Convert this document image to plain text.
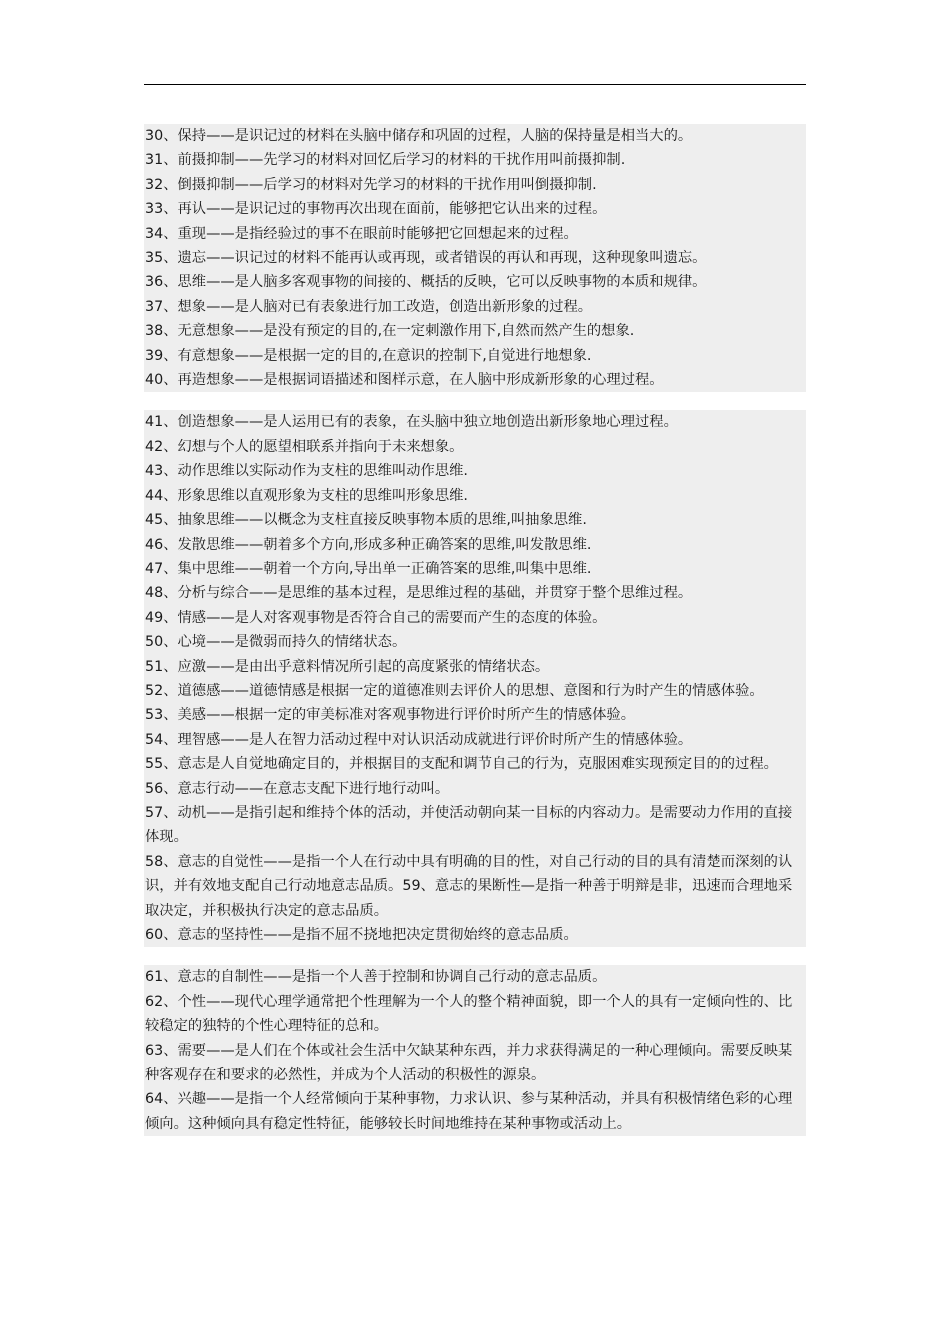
30、保持——是识记过的材料在头脑中储存和巩固的过程，人脑的保持量是相当大的。

31、前摄抑制——先学习的材料对回忆后学习的材料的干扰作用叫前摄抑制.

32、倒摄抑制——后学习的材料对先学习的材料的干扰作用叫倒摄抑制.

33、再认——是识记过的事物再次出现在面前，能够把它认出来的过程。

34、重现——是指经验过的事不在眼前时能够把它回想起来的过程。

35、遗忘——识记过的材料不能再认或再现，或者错误的再认和再现，这种现象叫遗忘。

36、思维——是人脑多客观事物的间接的、概括的反映，它可以反映事物的本质和规律。

37、想象——是人脑对已有表象进行加工改造，创造出新形象的过程。

38、无意想象——是没有预定的目的,在一定刺激作用下,自然而然产生的想象.

39、有意想象——是根据一定的目的,在意识的控制下,自觉进行地想象.

40、再造想象——是根据词语描述和图样示意，在人脑中形成新形象的心理过程。

41、创造想象——是人运用已有的表象，在头脑中独立地创造出新形象地心理过程。

42、幻想与个人的愿望相联系并指向于未来想象。

43、动作思维以实际动作为支柱的思维叫动作思维.

44、形象思维以直观形象为支柱的思维叫形象思维.

45、抽象思维——以概念为支柱直接反映事物本质的思维,叫抽象思维.

46、发散思维——朝着多个方向,形成多种正确答案的思维,叫发散思维.

47、集中思维——朝着一个方向,导出单一正确答案的思维,叫集中思维.

48、分析与综合——是思维的基本过程，是思维过程的基础，并贯穿于整个思维过程。

49、情感——是人对客观事物是否符合自己的需要而产生的态度的体验。

50、心境——是微弱而持久的情绪状态。

51、应激——是由出乎意料情况所引起的高度紧张的情绪状态。

52、道德感——道德情感是根据一定的道德准则去评价人的思想、意图和行为时产生的情感体验。

53、美感——根据一定的审美标准对客观事物进行评价时所产生的情感体验。

54、理智感——是人在智力活动过程中对认识活动成就进行评价时所产生的情感体验。

55、意志是人自觉地确定目的，并根据目的支配和调节自己的行为，克服困难实现预定目的的过程。

56、意志行动——在意志支配下进行地行动叫。

57、动机——是指引起和维持个体的活动，并使活动朝向某一目标的内容动力。是需要动力作用的直接体现。

58、意志的自觉性——是指一个人在行动中具有明确的目的性，对自己行动的目的具有清楚而深刻的认识，并有效地支配自己行动地意志品质。59、意志的果断性—是指一种善于明辩是非，迅速而合理地采取决定，并积极执行决定的意志品质。

60、意志的坚持性——是指不屈不挠地把决定贯彻始终的意志品质。

61、意志的自制性——是指一个人善于控制和协调自己行动的意志品质。

62、个性——现代心理学通常把个性理解为一个人的整个精神面貌，即一个人的具有一定倾向性的、比较稳定的独特的个性心理特征的总和。

63、需要——是人们在个体或社会生活中欠缺某种东西，并力求获得满足的一种心理倾向。需要反映某种客观存在和要求的必然性，并成为个人活动的积极性的源泉。

64、兴趣——是指一个人经常倾向于某种事物，力求认识、参与某种活动，并具有积极情绪色彩的心理倾向。这种倾向具有稳定性特征，能够较长时间地维持在某种事物或活动上。
